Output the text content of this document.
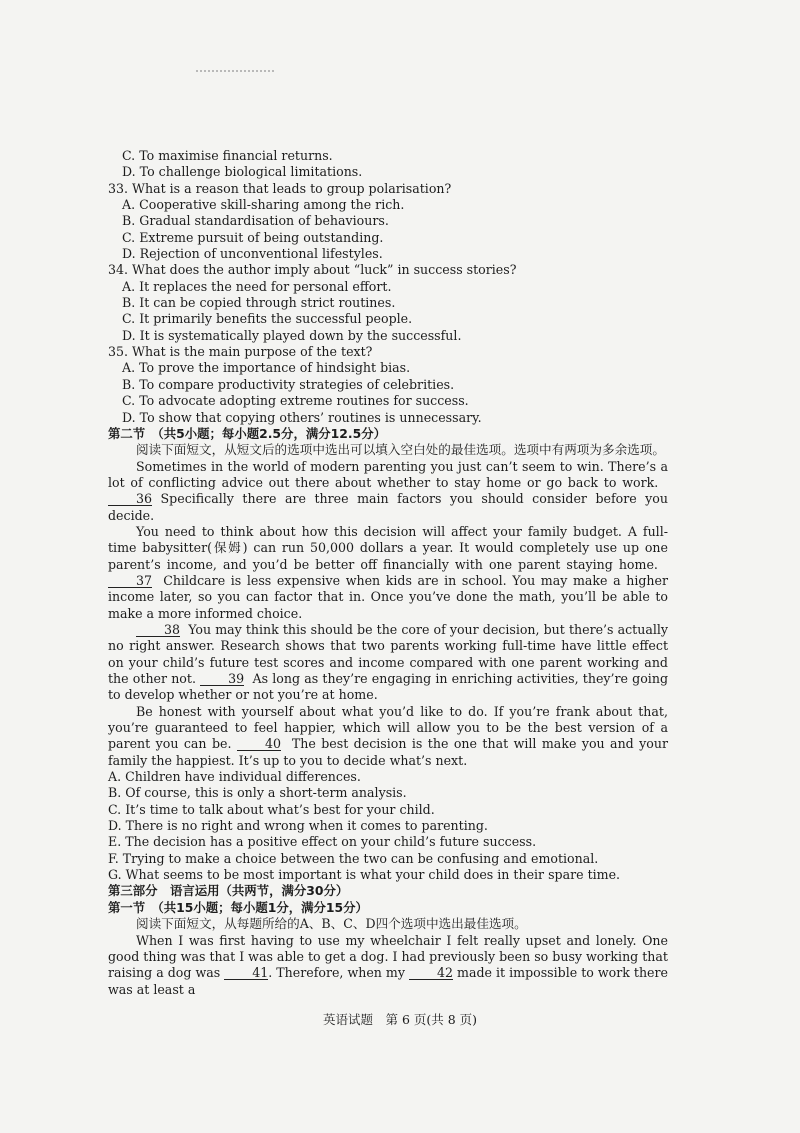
C. To maximise financial returns.

D. To challenge biological limitations.

33. What is a reason that leads to group polarisation?

A. Cooperative skill-sharing among the rich.

B. Gradual standardisation of behaviours.

C. Extreme pursuit of being outstanding.

D. Rejection of unconventional lifestyles.

34. What does the author imply about “luck” in success stories?

A. It replaces the need for personal effort.

B. It can be copied through strict routines.

C. It primarily benefits the successful people.

D. It is systematically played down by the successful.

35. What is the main purpose of the text?

A. To prove the importance of hindsight bias.

B. To compare productivity strategies of celebrities.

C. To advocate adopting extreme routines for success.

D. To show that copying others’ routines is unnecessary.

第二节　（共5小题；每小题2.5分，满分12.5分）

阅读下面短文，从短文后的选项中选出可以填入空白处的最佳选项。选项中有两项为多余选项。

Sometimes in the world of modern parenting you just can’t seem to win. There’s a lot of conflicting advice out there about whether to stay home or go back to work.  36 Specifically there are three main factors you should consider before you decide.

You need to think about how this decision will affect your family budget. A full-time babysitter(保姆) can run 50,000 dollars a year. It would completely use up one parent’s income, and you’d be better off financially with one parent staying home.  37 Childcare is less expensive when kids are in school. You may make a higher income later, so you can factor that in. Once you’ve done the math, you’ll be able to make a more informed choice.

38 You may think this should be the core of your decision, but there’s actually no right answer. Research shows that two parents working full-time have little effect on your child’s future test scores and income compared with one parent working and the other not.	39 As long as they’re engaging in enriching activities, they’re going to develop whether or not you’re at home.

Be honest with yourself about what you’d like to do. If you’re frank about that, you’re guaranteed to feel happier, which will allow you to be the best version of a parent you can be.	40 The best decision is the one that will make you and your family the happiest. It’s up to you to decide what’s next.

A. Children have individual differences.

B. Of course, this is only a short-term analysis.

C. It’s time to talk about what’s best for your child.

D. There is no right and wrong when it comes to parenting.

E. The decision has a positive effect on your child’s future success.

F. Trying to make a choice between the two can be confusing and emotional.

G. What seems to be most important is what your child does in their spare time.

第三部分　语言运用（共两节，满分30分）

第一节　（共15小题；每小题1分，满分15分）

阅读下面短文，从每题所给的A、B、C、D四个选项中选出最佳选项。

When I was first having to use my wheelchair I felt really upset and lonely. One good thing was that I was able to get a dog. I had previously been so busy working that raising a dog was	41. Therefore, when my	42 made it impossible to work there was at least a

英语试题　第 6 页(共 8 页)
